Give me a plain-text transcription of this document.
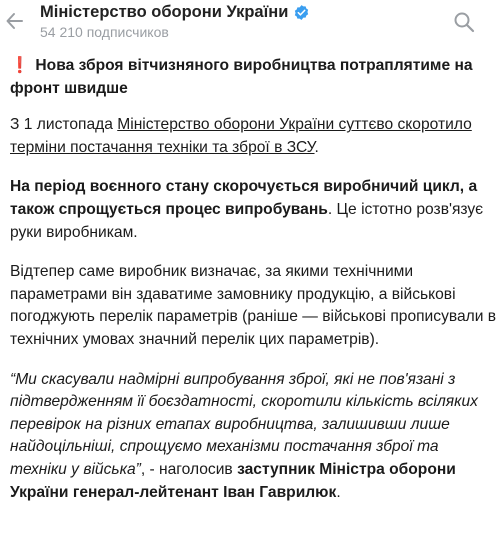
Міністерство оборони України
54 210 подписчиков

❗ Нова зброя вітчизняного виробництва потраплятиме на фронт швидше

З 1 листопада Міністерство оборони України суттєво скоротило терміни постачання техніки та зброї в ЗСУ.

На період воєнного стану скорочується виробничий цикл, а також спрощується процес випробувань. Це істотно розв'язує руки виробникам.

Відтепер саме виробник визначає, за якими технічними параметрами він здаватиме замовнику продукцію, а військові погоджують перелік параметрів (раніше — військові прописували в технічних умовах значний перелік цих параметрів).

“Ми скасували надмірні випробування зброї, які не пов'язані з підтвердженням її боєздатності, скоротили кількість всіляких перевірок на різних етапах виробництва, залишивши лише найдоцільніші, спрощуємо механізми постачання зброї та техніки у війська”, - наголосив заступник Міністра оборони України генерал-лейтенант Іван Гаврилюк.
